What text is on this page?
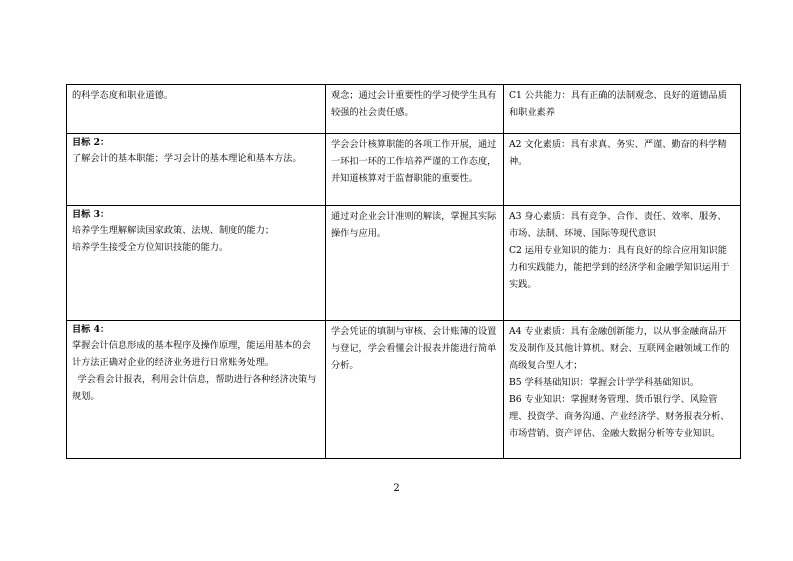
的科学态度和职业道德。	观念；通过会计重要性的学习使学生具有较强的社会责任感。	C1 公共能力：具有正确的法制观念、良好的道德品质和职业素养

目标 2：
了解会计的基本职能；学习会计的基本理论和基本方法。	学会会计核算职能的各项工作开展，通过一环扣一环的工作培养严谨的工作态度，并知道核算对于监督职能的重要性。	A2 文化素质：具有求真、务实、严谨、勤奋的科学精神。

目标 3：
培养学生理解解读国家政策、法规、制度的能力；
培养学生接受全方位知识技能的能力。	通过对企业会计准则的解读，掌握其实际操作与应用。	A3 身心素质：具有竞争、合作、责任、效率、服务、市场、法制、环境、国际等现代意识
C2 运用专业知识的能力：具有良好的综合应用知识能力和实践能力，能把学到的经济学和金融学知识运用于实践。

目标 4：
掌握会计信息形成的基本程序及操作原理，能运用基本的会计方法正确对企业的经济业务进行日常账务处理。
学会看会计报表，利用会计信息，帮助进行各种经济决策与规划。	学会凭证的填制与审核、会计账簿的设置与登记，学会看懂会计报表并能进行简单分析。	A4 专业素质：具有金融创新能力，以从事金融商品开发及制作及其他计算机、财会、互联网金融领域工作的高级复合型人才；
B5 学科基础知识：掌握会计学学科基础知识。
B6 专业知识：掌握财务管理、货币银行学、风险管理、投资学、商务沟通、产业经济学、财务报表分析、市场营销、资产评估、金融大数据分析等专业知识。
2
